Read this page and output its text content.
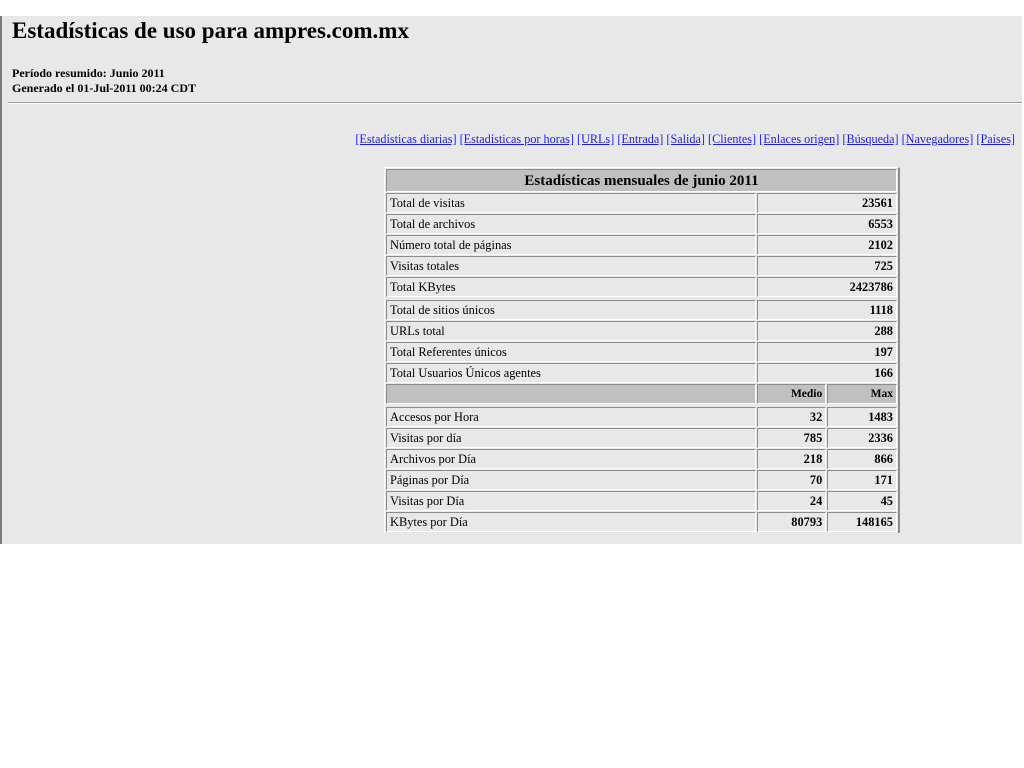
Estadísticas de uso para ampres.com.mx
Período resumido: Junio 2011
Generado el 01-Jul-2011 00:24 CDT
[Estadísticas diarias] [Estadísticas por horas] [URLs] [Entrada] [Salida] [Clientes] [Enlaces origen] [Búsqueda] [Navegadores] [Países]
Estadísticas mensuales de junio 2011		
Total de visitas	23561	
Total de archivos	6553	
Número total de páginas	2102	
Visitas totales	725	
Total KBytes	2423786	

Total de sitios únicos	1118	
URLs total	288	
Total Referentes únicos	197	
Total Usuarios Únicos agentes	166	
	Medio	Max

Accesos por Hora	32	1483
Visitas por día	785	2336
Archivos por Día	218	866
Páginas por Día	70	171
Visitas por Día	24	45
KBytes por Día	80793	148165
